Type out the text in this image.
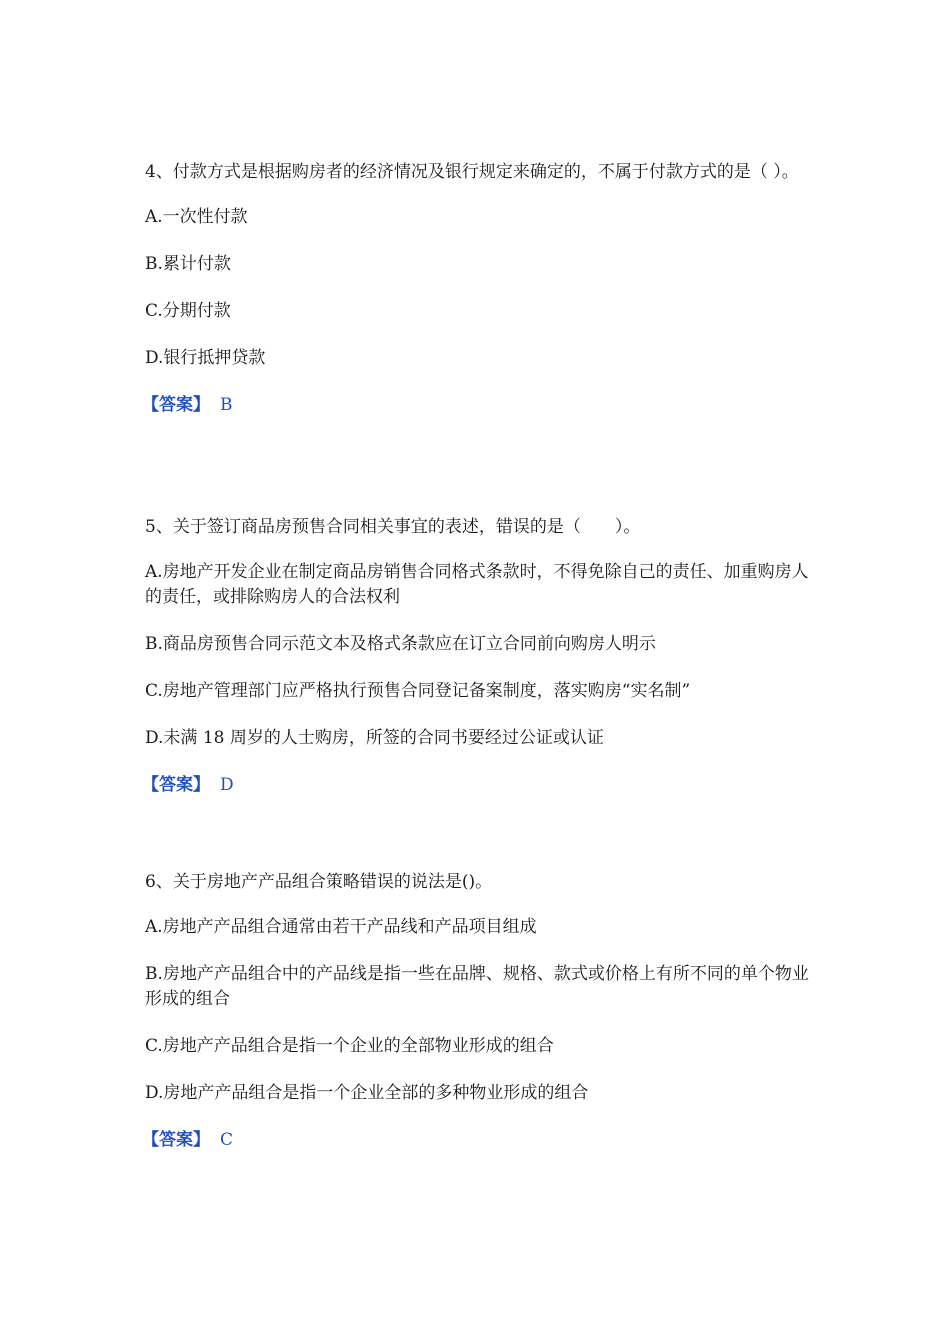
4、付款方式是根据购房者的经济情况及银行规定来确定的，不属于付款方式的是（ ）。

A.一次性付款

B.累计付款

C.分期付款

D.银行抵押贷款

【答案】 B

5、关于签订商品房预售合同相关事宜的表述，错误的是（　　）。

A.房地产开发企业在制定商品房销售合同格式条款时，不得免除自己的责任、加重购房人的责任，或排除购房人的合法权利

B.商品房预售合同示范文本及格式条款应在订立合同前向购房人明示

C.房地产管理部门应严格执行预售合同登记备案制度，落实购房“实名制”

D.未满 18 周岁的人士购房，所签的合同书要经过公证或认证

【答案】 D

6、关于房地产产品组合策略错误的说法是()。

A.房地产产品组合通常由若干产品线和产品项目组成

B.房地产产品组合中的产品线是指一些在品牌、规格、款式或价格上有所不同的单个物业形成的组合

C.房地产产品组合是指一个企业的全部物业形成的组合

D.房地产产品组合是指一个企业全部的多种物业形成的组合

【答案】 C
